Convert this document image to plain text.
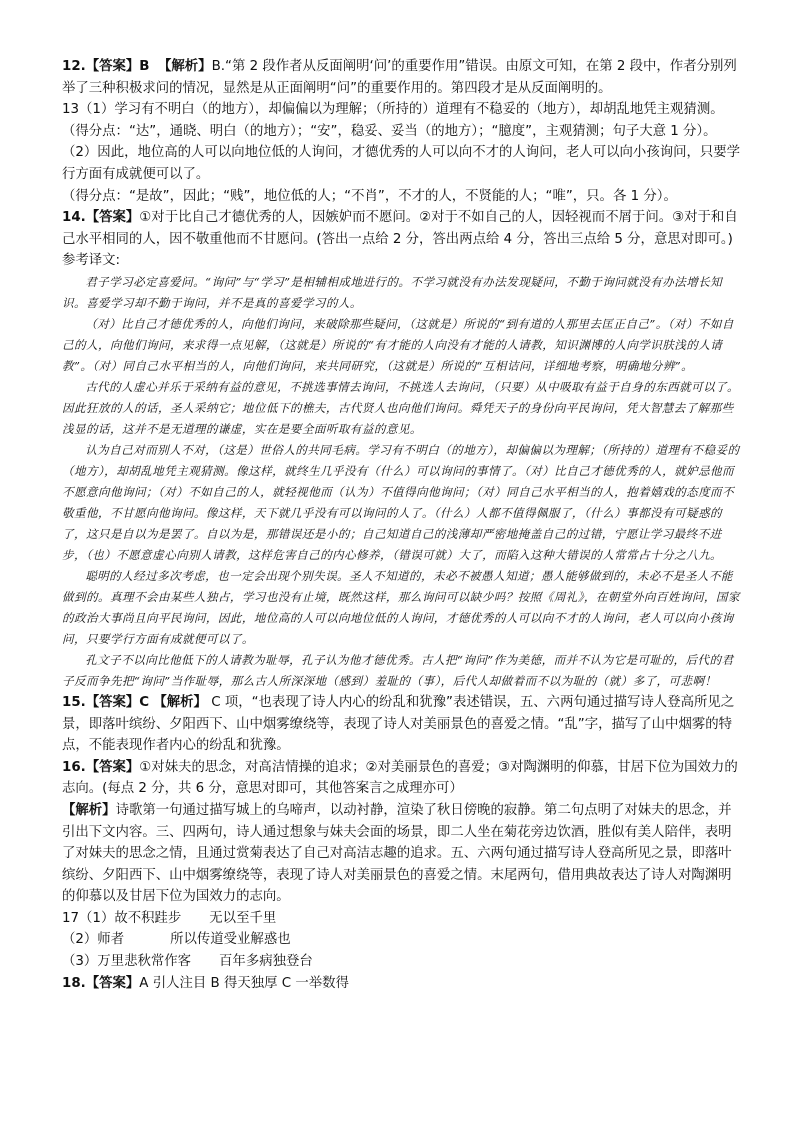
12.【答案】B 【解析】B.“第 2 段作者从反面阐明‘问’的重要作用”错误。由原文可知，在第 2 段中，作者分别列举了三种积极求问的情况，显然是从正面阐明“问”的重要作用的。第四段才是从反面阐明的。

13（1）学习有不明白（的地方），却偏偏以为理解；（所持的）道理有不稳妥的（地方），却胡乱地凭主观猜测。

（得分点：“达”，通晓、明白（的地方）；“安”，稳妥、妥当（的地方）；“臆度”，主观猜测；句子大意 1 分）。

（2）因此，地位高的人可以向地位低的人询问，才德优秀的人可以向不才的人询问，老人可以向小孩询问，只要学行方面有成就便可以了。

（得分点：“是故”，因此；“贱”，地位低的人；“不肖”，不才的人，不贤能的人；“唯”，只。各 1 分）。

14.【答案】①对于比自己才德优秀的人，因嫉妒而不愿问。②对于不如自己的人，因轻视而不屑于问。③对于和自己水平相同的人，因不敬重他而不甘愿问。(答出一点给 2 分，答出两点给 4 分，答出三点给 5 分，意思对即可。)

参考译文:

君子学习必定喜爱问。“询问”与“学习”是相辅相成地进行的。不学习就没有办法发现疑问，不勤于询问就没有办法增长知识。喜爱学习却不勤于询问，并不是真的喜爱学习的人。

（对）比自己才德优秀的人，向他们询问，来破除那些疑问，（这就是）所说的“到有道的人那里去匡正自己”。（对）不如自己的人，向他们询问，来求得一点见解，（这就是）所说的“有才能的人向没有才能的人请教，知识渊博的人向学识肤浅的人请教”。（对）同自己水平相当的人，向他们询问，来共同研究，（这就是）所说的“互相诘问，详细地考察，明确地分辨”。

古代的人虚心并乐于采纳有益的意见，不挑选事情去询问，不挑选人去询问，（只要）从中吸取有益于自身的东西就可以了。因此狂放的人的话，圣人采纳它；地位低下的樵夫，古代贤人也向他们询问。舜凭天子的身份向平民询问，凭大智慧去了解那些浅显的话，这并不是无道理的谦虚，实在是要全面听取有益的意见。

认为自己对而别人不对，（这是）世俗人的共同毛病。学习有不明白（的地方），却偏偏以为理解；（所持的）道理有不稳妥的（地方），却胡乱地凭主观猜测。像这样，就终生几乎没有（什么）可以询问的事情了。（对）比自己才德优秀的人，就妒忌他而不愿意向他询问；（对）不如自己的人，就轻视他而（认为）不值得向他询问；（对）同自己水平相当的人，抱着嬉戏的态度而不敬重他，不甘愿向他询问。像这样，天下就几乎没有可以询问的人了。（什么）人都不值得佩服了，（什么）事都没有可疑惑的了，这只是自以为是罢了。自以为是，那错误还是小的；自己知道自己的浅薄却严密地掩盖自己的过错，宁愿让学习最终不进步，（也）不愿意虚心向别人请教，这样危害自己的内心修养，（错误可就）大了，而陷入这种大错误的人常常占十分之八九。

聪明的人经过多次考虑，也一定会出现个别失误。圣人不知道的，未必不被愚人知道；愚人能够做到的，未必不是圣人不能做到的。真理不会由某些人独占，学习也没有止境，既然这样，那么询问可以缺少吗？按照《周礼》，在朝堂外向百姓询问，国家的政治大事尚且向平民询问，因此，地位高的人可以向地位低的人询问，才德优秀的人可以向不才的人询问，老人可以向小孩询问，只要学行方面有成就便可以了。

孔文子不以向比他低下的人请教为耻辱，孔子认为他才德优秀。古人把“询问”作为美德，而并不认为它是可耻的，后代的君子反而争先把“询问”当作耻辱，那么古人所深深地（感到）羞耻的（事），后代人却做着而不以为耻的（就）多了，可悲啊！

15.【答案】C 【解析】 C 项，“也表现了诗人内心的纷乱和犹豫”表述错误，五、六两句通过描写诗人登高所见之景，即落叶缤纷、夕阳西下、山中烟雾缭绕等，表现了诗人对美丽景色的喜爱之情。“乱”字，描写了山中烟雾的特点，不能表现作者内心的纷乱和犹豫。

16.【答案】①对妹夫的思念，对高洁情操的追求；②对美丽景色的喜爱；③对陶渊明的仰慕，甘居下位为国效力的志向。(每点 2 分，共 6 分，意思对即可，其他答案言之成理亦可）

【解析】诗歌第一句通过描写城上的乌啼声，以动衬静，渲染了秋日傍晚的寂静。第二句点明了对妹夫的思念，并引出下文内容。三、四两句，诗人通过想象与妹夫会面的场景，即二人坐在菊花旁边饮酒，胜似有美人陪伴，表明了对妹夫的思念之情，且通过赏菊表达了自己对高洁志趣的追求。五、六两句通过描写诗人登高所见之景，即落叶缤纷、夕阳西下、山中烟雾缭绕等，表现了诗人对美丽景色的喜爱之情。末尾两句，借用典故表达了诗人对陶渊明的仰慕以及甘居下位为国效力的志向。

17（1）故不积跬步 无以至千里

（2）师者	所以传道受业解惑也

（3）万里悲秋常作客 百年多病独登台

18.【答案】A 引人注目 B 得天独厚 C 一举数得
